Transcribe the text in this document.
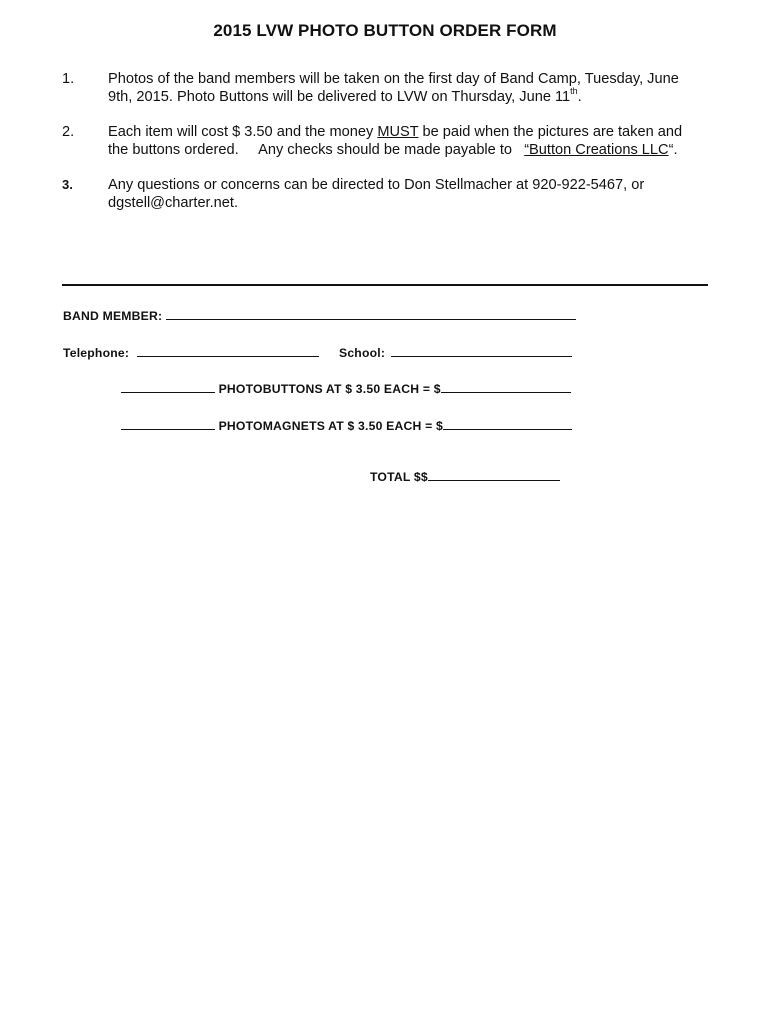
2015 LVW PHOTO BUTTON ORDER FORM
1. Photos of the band members will be taken on the first day of Band Camp, Tuesday, June
9th, 2015. Photo Buttons will be delivered to LVW on Thursday, June 11th.
2. Each item will cost $ 3.50 and the money MUST be paid when the pictures are taken and
the buttons ordered.     Any checks should be made payable to   “Button Creations LLC“.
3. Any questions or concerns can be directed to Don Stellmacher at 920-922-5467, or
dgstell@charter.net.
BAND MEMBER:
Telephone:	School:
PHOTOBUTTONS AT $ 3.50 EACH = $
PHOTOMAGNETS AT $ 3.50 EACH = $
TOTAL $$
